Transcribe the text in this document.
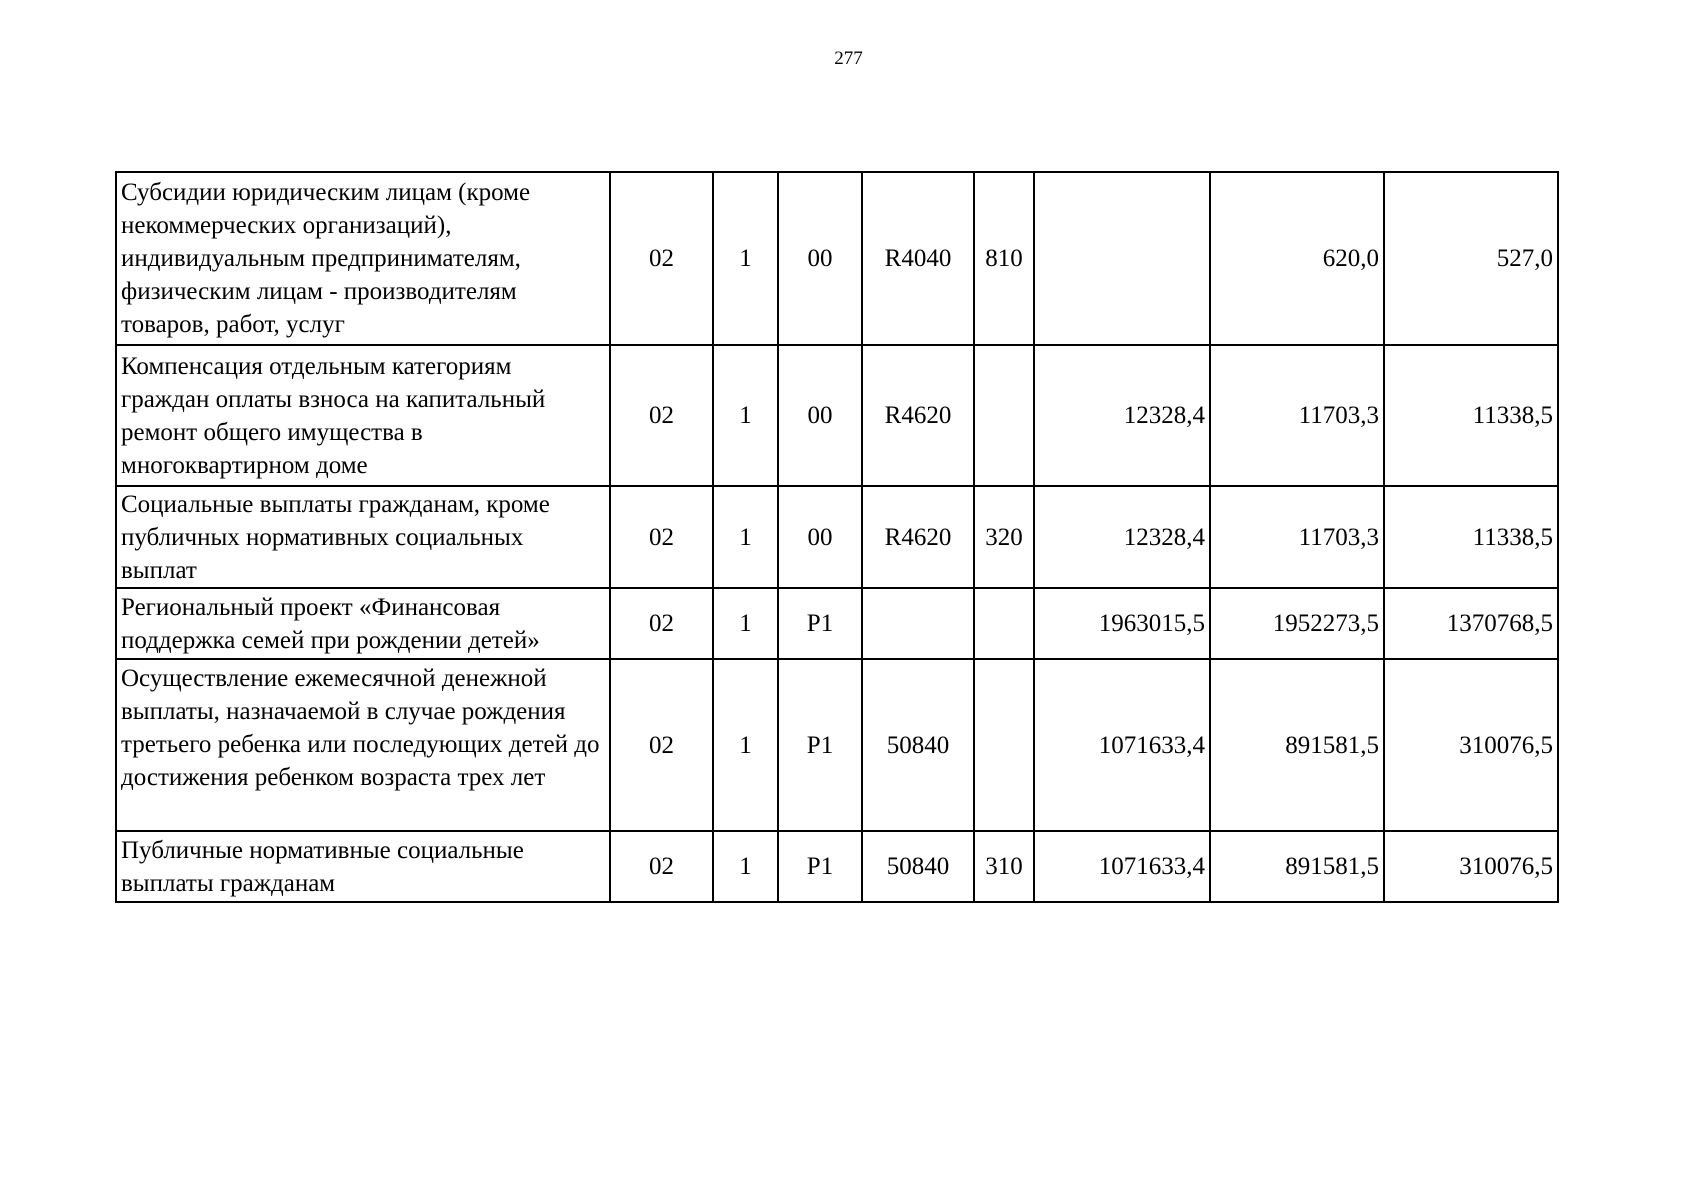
277
Субсидии юридическим лицам (кроме некоммерческих организаций), индивидуальным предпринимателям, физическим лицам - производителям товаров, работ, услуг	02	1	00	R4040	810		620,0	527,0
Компенсация отдельным категориям граждан оплаты взноса на капитальный ремонт общего имущества в многоквартирном доме	02	1	00	R4620		12328,4	11703,3	11338,5
Социальные выплаты гражданам, кроме публичных нормативных социальных выплат	02	1	00	R4620	320	12328,4	11703,3	11338,5
Региональный проект «Финансовая поддержка семей при рождении детей»	02	1	Р1			1963015,5	1952273,5	1370768,5
Осуществление ежемесячной денежной выплаты, назначаемой в случае рождения третьего ребенка или последующих детей до достижения ребенком возраста трех лет	02	1	Р1	50840		1071633,4	891581,5	310076,5
Публичные нормативные социальные выплаты гражданам	02	1	Р1	50840	310	1071633,4	891581,5	310076,5
